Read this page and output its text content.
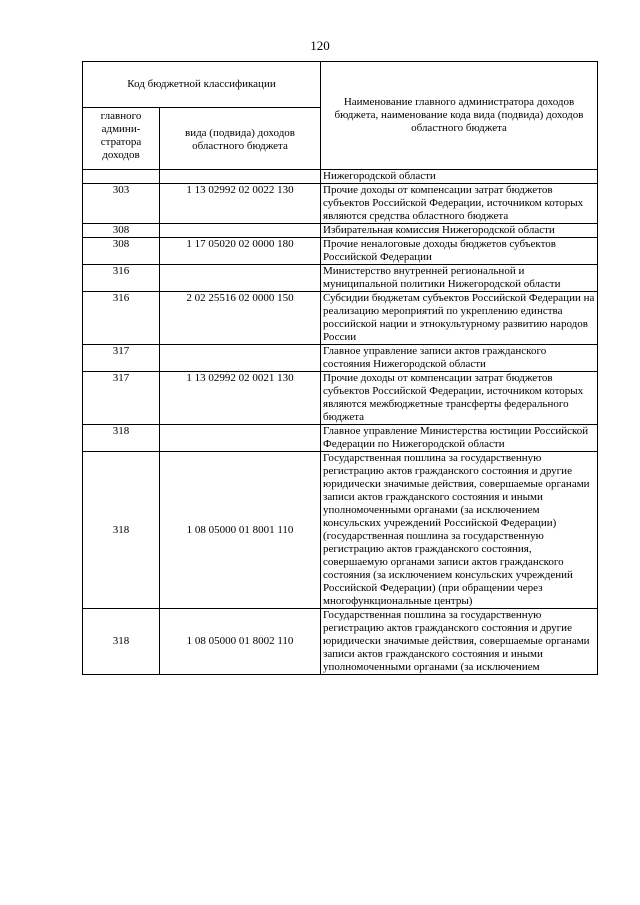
120
Код бюджетной классификации		Наименование главного администратора доходов бюджета, наименование кода вида (подвида) доходов областного бюджета
главного админи-стратора доходов	вида (подвида) доходов областного бюджета	
		Нижегородской области
303	1 13 02992 02 0022 130	Прочие доходы от компенсации затрат бюджетов субъектов Российской Федерации, источником которых являются средства областного бюджета
308		Избирательная комиссия Нижегородской области
308	1 17 05020 02 0000 180	Прочие неналоговые доходы бюджетов субъектов Российской Федерации
316		Министерство внутренней региональной и муниципальной политики Нижегородской области
316	2 02 25516 02 0000 150	Субсидии бюджетам субъектов Российской Федерации на реализацию мероприятий по укреплению единства российской нации и этнокультурному развитию народов России
317		Главное управление записи актов гражданского состояния Нижегородской области
317	1 13 02992 02 0021 130	Прочие доходы от компенсации затрат бюджетов субъектов Российской Федерации, источником которых являются межбюджетные трансферты федерального бюджета
318		Главное управление Министерства юстиции Российской Федерации по Нижегородской области
318	1 08 05000 01 8001 110	Государственная пошлина за государственную регистрацию актов гражданского состояния и другие юридически значимые действия, совершаемые органами записи актов гражданского состояния и иными уполномоченными органами (за исключением консульских учреждений Российской Федерации) (государственная пошлина за государственную регистрацию актов гражданского состояния, совершаемую органами записи актов гражданского состояния (за исключением консульских учреждений Российской Федерации) (при обращении через многофункциональные центры)
318	1 08 05000 01 8002 110	Государственная пошлина за государственную регистрацию актов гражданского состояния и другие юридически значимые действия, совершаемые органами записи актов гражданского состояния и иными уполномоченными органами (за исключением
